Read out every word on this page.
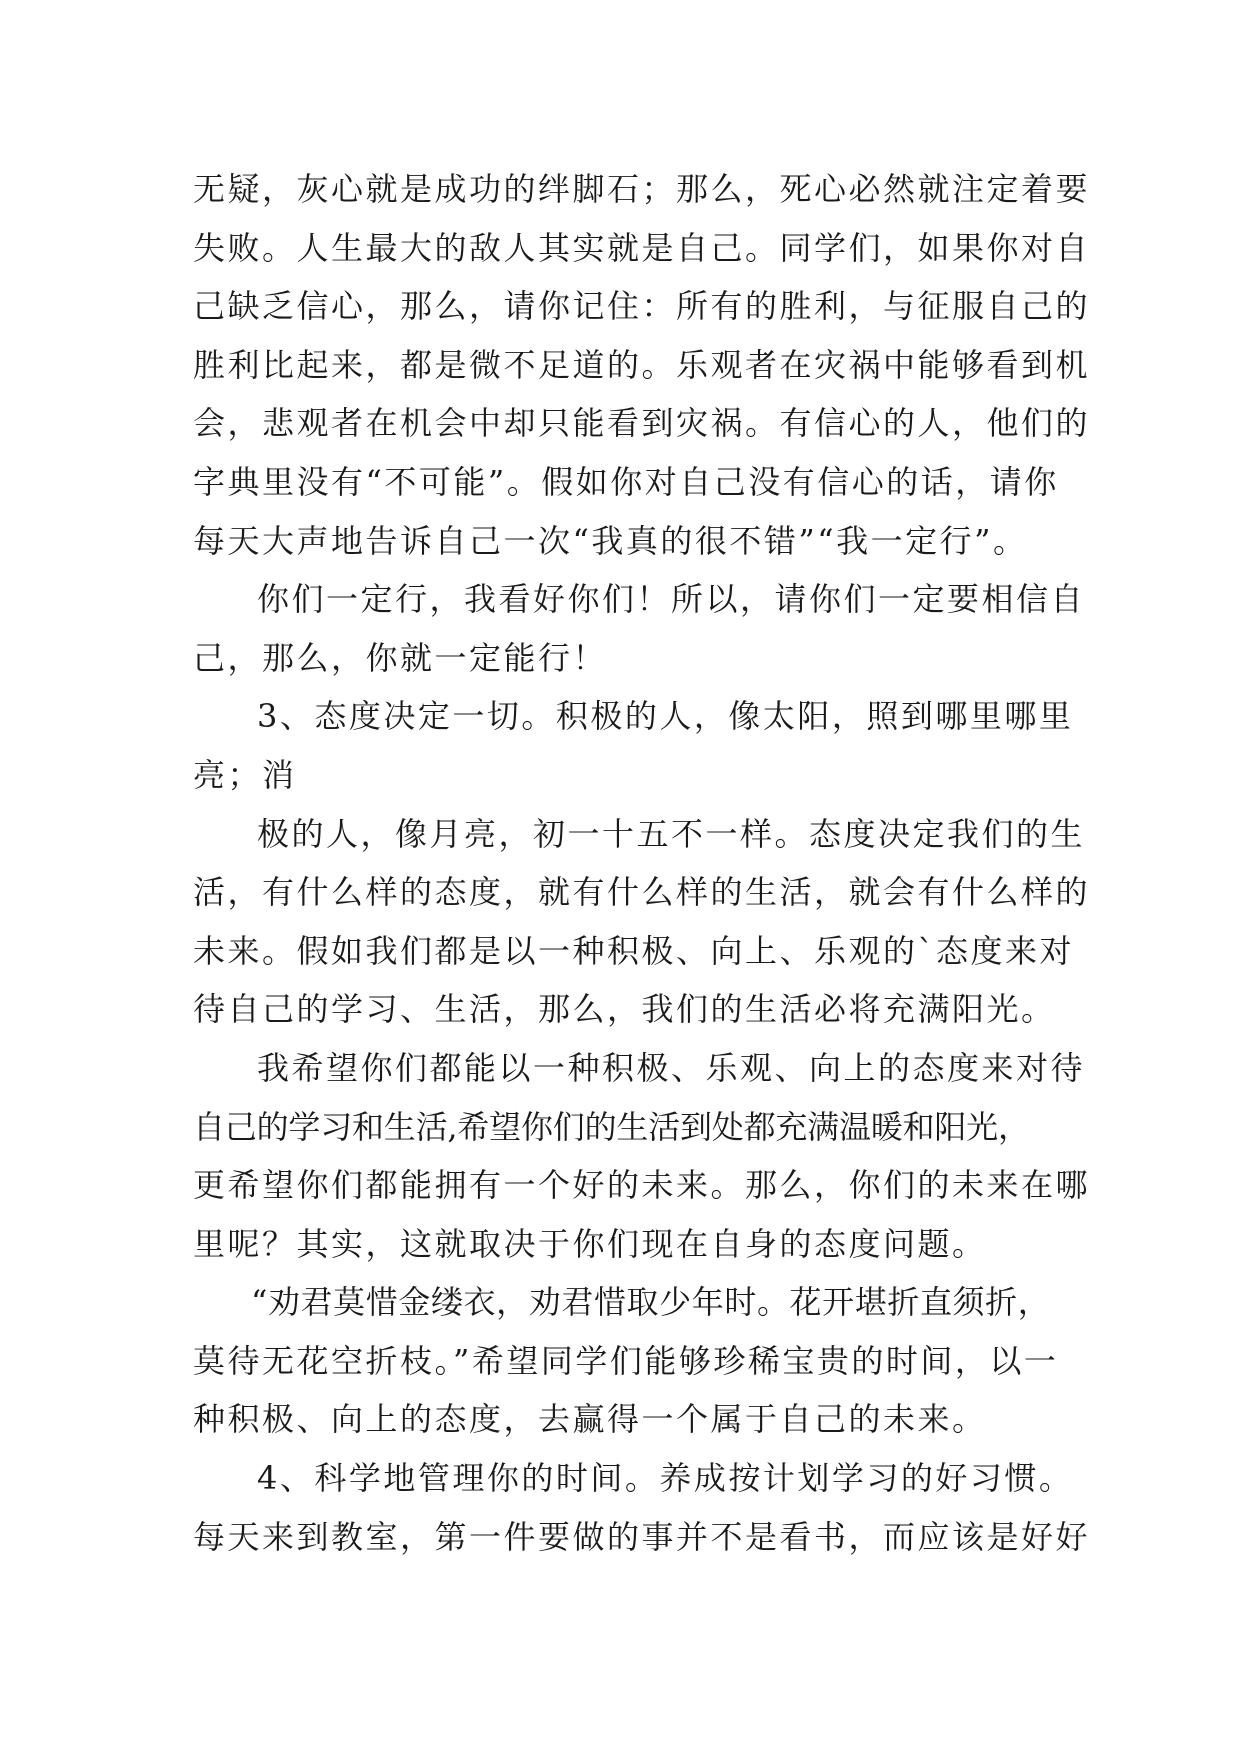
无疑，灰心就是成功的绊脚石；那么，死心必然就注定着要
失败。人生最大的敌人其实就是自己。同学们，如果你对自
己缺乏信心，那么，请你记住：所有的胜利，与征服自己的
胜利比起来，都是微不足道的。乐观者在灾祸中能够看到机
会，悲观者在机会中却只能看到灾祸。有信心的人，他们的
字典里没有“不可能”。假如你对自己没有信心的话，请你
每天大声地告诉自己一次“我真的很不错”“我一定行”。
你们一定行，我看好你们！所以，请你们一定要相信自
己，那么，你就一定能行！
3、态度决定一切。积极的人，像太阳，照到哪里哪里
亮；消
极的人，像月亮，初一十五不一样。态度决定我们的生
活，有什么样的态度，就有什么样的生活，就会有什么样的
未来。假如我们都是以一种积极、向上、乐观的`态度来对
待自己的学习、生活，那么，我们的生活必将充满阳光。
我希望你们都能以一种积极、乐观、向上的态度来对待
自己的学习和生活,希望你们的生活到处都充满温暖和阳光，
更希望你们都能拥有一个好的未来。那么，你们的未来在哪
里呢？其实，这就取决于你们现在自身的态度问题。
“劝君莫惜金缕衣，劝君惜取少年时。花开堪折直须折，
莫待无花空折枝。”希望同学们能够珍稀宝贵的时间，以一
种积极、向上的态度，去赢得一个属于自己的未来。
4、科学地管理你的时间。养成按计划学习的好习惯。
每天来到教室，第一件要做的事并不是看书，而应该是好好
